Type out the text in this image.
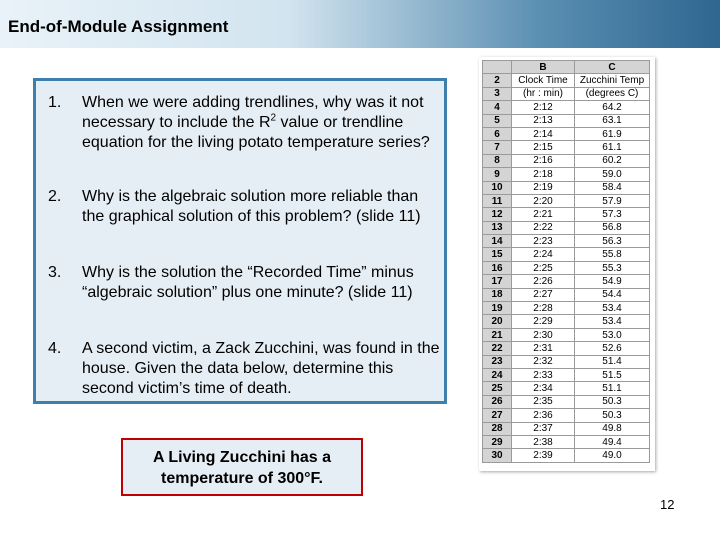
End-of-Module Assignment
1. When we were adding trendlines, why was it not necessary to include the $R^2$ value or trendline equation for the living potato temperature series?
2. Why is the algebraic solution more reliable than the graphical solution of this problem? (slide 11)
3. Why is the solution the “Recorded Time” minus “algebraic solution” plus one minute? (slide 11)
4. A second victim, a Zack Zucchini, was found in the house. Given the data below, determine this second victim’s time of death.
A Living Zucchini has a
temperature of 300°F.
	B	C
2	Clock Time	Zucchini Temp
3	(hr : min)	(degrees C)
4	2:12	64.2
5	2:13	63.1
6	2:14	61.9
7	2:15	61.1
8	2:16	60.2
9	2:18	59.0
10	2:19	58.4
11	2:20	57.9
12	2:21	57.3
13	2:22	56.8
14	2:23	56.3
15	2:24	55.8
16	2:25	55.3
17	2:26	54.9
18	2:27	54.4
19	2:28	53.4
20	2:29	53.4
21	2:30	53.0
22	2:31	52.6
23	2:32	51.4
24	2:33	51.5
25	2:34	51.1
26	2:35	50.3
27	2:36	50.3
28	2:37	49.8
29	2:38	49.4
30	2:39	49.0
12
